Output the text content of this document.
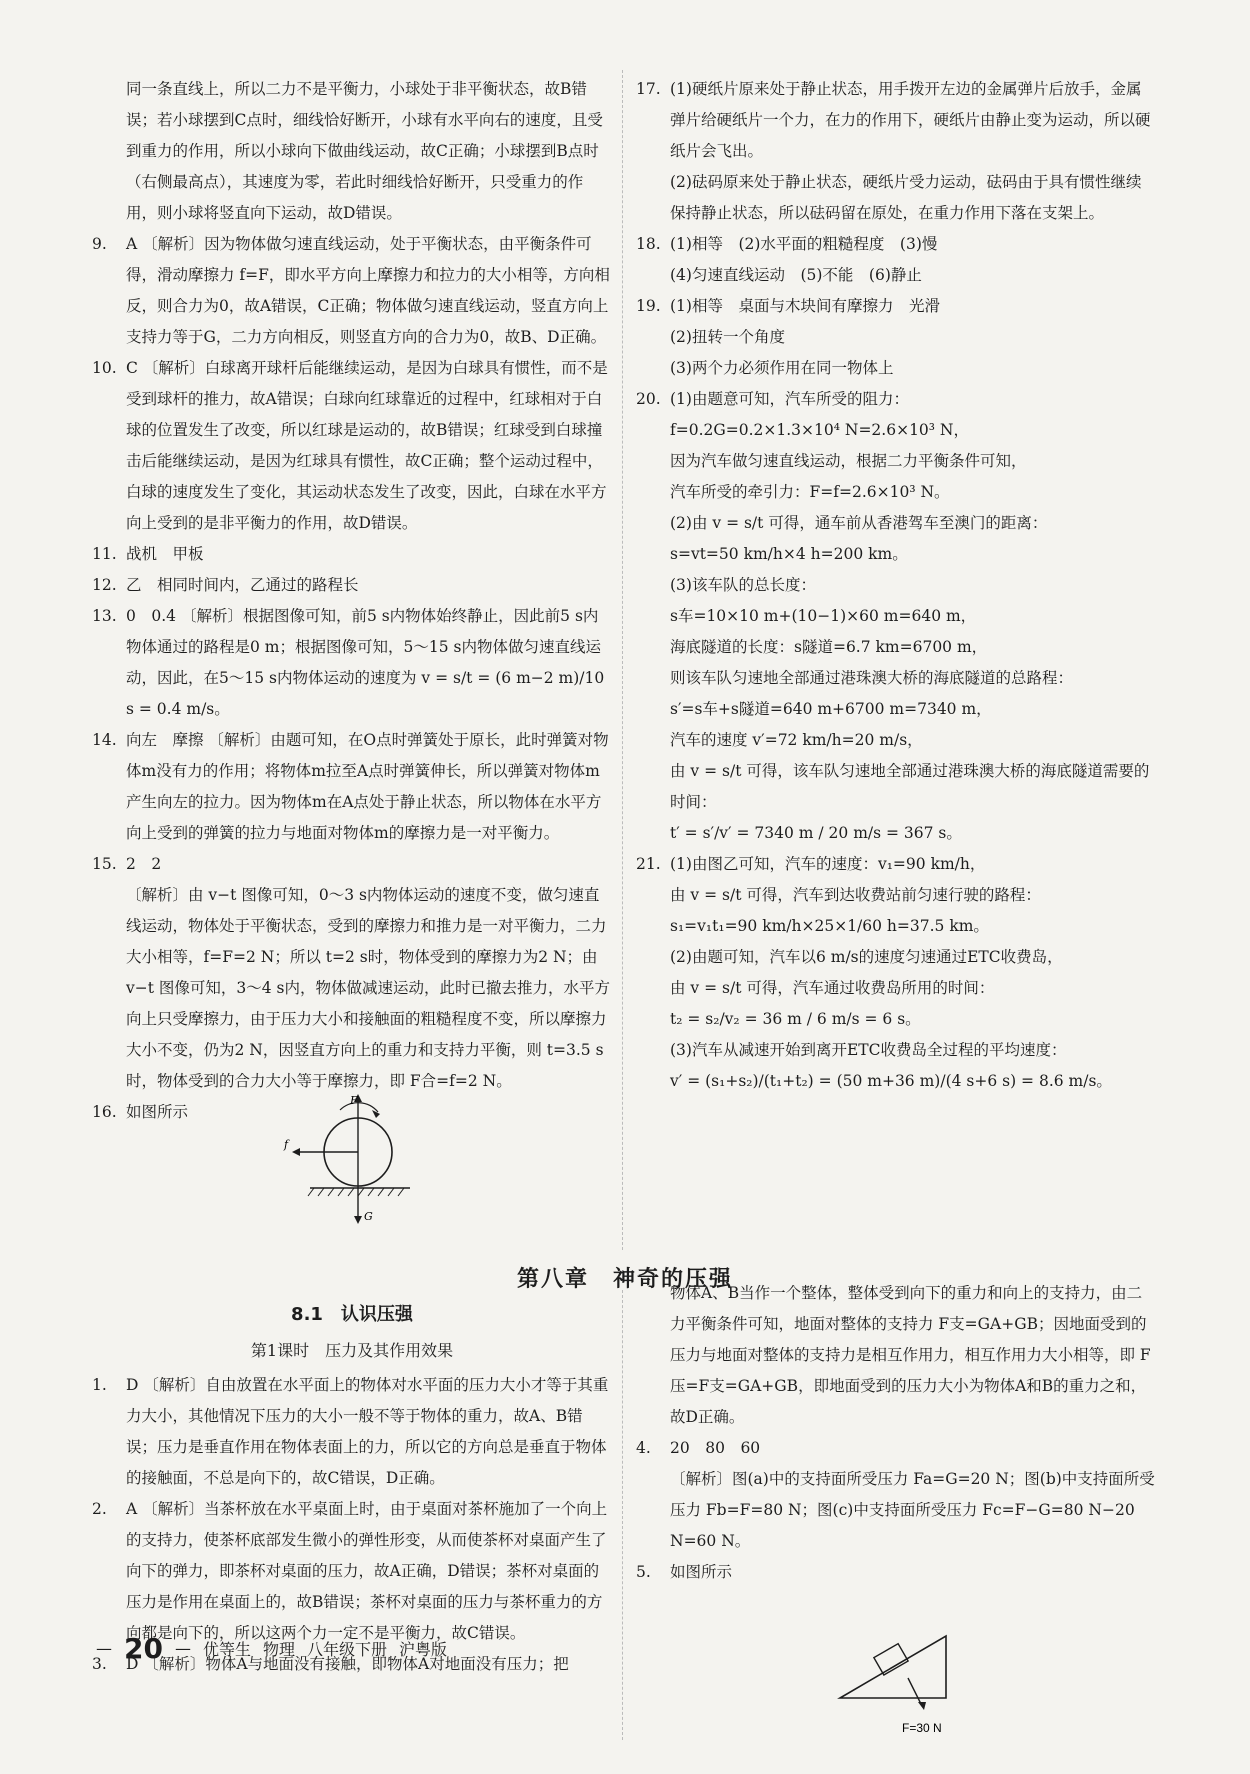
同一条直线上，所以二力不是平衡力，小球处于非平衡状态，故B错误；若小球摆到C点时，细线恰好断开，小球有水平向右的速度，且受到重力的作用，所以小球向下做曲线运动，故C正确；小球摆到B点时（右侧最高点），其速度为零，若此时细线恰好断开，只受重力的作用，则小球将竖直向下运动，故D错误。
9. A 〔解析〕因为物体做匀速直线运动，处于平衡状态，由平衡条件可得，滑动摩擦力 f=F，即水平方向上摩擦力和拉力的大小相等，方向相反，则合力为0，故A错误，C正确；物体做匀速直线运动，竖直方向上支持力等于G，二力方向相反，则竖直方向的合力为0，故B、D正确。
10. C 〔解析〕白球离开球杆后能继续运动，是因为白球具有惯性，而不是受到球杆的推力，故A错误；白球向红球靠近的过程中，红球相对于白球的位置发生了改变，所以红球是运动的，故B错误；红球受到白球撞击后能继续运动，是因为红球具有惯性，故C正确；整个运动过程中，白球的速度发生了变化，其运动状态发生了改变，因此，白球在水平方向上受到的是非平衡力的作用，故D错误。
11. 战机　甲板
12. 乙　相同时间内，乙通过的路程长
13. 0　0.4 〔解析〕根据图像可知，前5 s内物体始终静止，因此前5 s内物体通过的路程是0 m；根据图像可知，5～15 s内物体做匀速直线运动，因此，在5～15 s内物体运动的速度为 v = s/t = (6 m−2 m)/10 s = 0.4 m/s。
14. 向左　摩擦 〔解析〕由题可知，在O点时弹簧处于原长，此时弹簧对物体m没有力的作用；将物体m拉至A点时弹簧伸长，所以弹簧对物体m产生向左的拉力。因为物体m在A点处于静止状态，所以物体在水平方向上受到的弹簧的拉力与地面对物体m的摩擦力是一对平衡力。
15. 2　2
〔解析〕由 v−t 图像可知，0～3 s内物体运动的速度不变，做匀速直线运动，物体处于平衡状态，受到的摩擦力和推力是一对平衡力，二力大小相等，f=F=2 N；所以 t=2 s时，物体受到的摩擦力为2 N；由 v−t 图像可知，3～4 s内，物体做减速运动，此时已撤去推力，水平方向上只受摩擦力，由于压力大小和接触面的粗糙程度不变，所以摩擦力大小不变，仍为2 N，因竖直方向上的重力和支持力平衡，则 t=3.5 s时，物体受到的合力大小等于摩擦力，即 F合=f=2 N。
16. 如图所示
17. (1)硬纸片原来处于静止状态，用手拨开左边的金属弹片后放手，金属弹片给硬纸片一个力，在力的作用下，硬纸片由静止变为运动，所以硬纸片会飞出。
(2)砝码原来处于静止状态，硬纸片受力运动，砝码由于具有惯性继续保持静止状态，所以砝码留在原处，在重力作用下落在支架上。
18. (1)相等　(2)水平面的粗糙程度　(3)慢
(4)匀速直线运动　(5)不能　(6)静止
19. (1)相等　桌面与木块间有摩擦力　光滑
(2)扭转一个角度
(3)两个力必须作用在同一物体上
20. (1)由题意可知，汽车所受的阻力：
f=0.2G=0.2×1.3×10⁴ N=2.6×10³ N，
因为汽车做匀速直线运动，根据二力平衡条件可知，
汽车所受的牵引力：F=f=2.6×10³ N。
(2)由 v = s/t 可得，通车前从香港驾车至澳门的距离：
s=vt=50 km/h×4 h=200 km。
(3)该车队的总长度：
s车=10×10 m+(10−1)×60 m=640 m，
海底隧道的长度：s隧道=6.7 km=6700 m，
则该车队匀速地全部通过港珠澳大桥的海底隧道的总路程：
s′=s车+s隧道=640 m+6700 m=7340 m，
汽车的速度 v′=72 km/h=20 m/s，
由 v = s/t 可得，该车队匀速地全部通过港珠澳大桥的海底隧道需要的时间：
t′ = s′/v′ = 7340 m / 20 m/s = 367 s。
21. (1)由图乙可知，汽车的速度：v₁=90 km/h，
由 v = s/t 可得，汽车到达收费站前匀速行驶的路程：
s₁=v₁t₁=90 km/h×25×1/60 h=37.5 km。
(2)由题可知，汽车以6 m/s的速度匀速通过ETC收费岛，
由 v = s/t 可得，汽车通过收费岛所用的时间：
t₂ = s₂/v₂ = 36 m / 6 m/s = 6 s。
(3)汽车从减速开始到离开ETC收费岛全过程的平均速度：
v′ = (s₁+s₂)/(t₁+t₂) = (50 m+36 m)/(4 s+6 s) = 8.6 m/s。
F
f
G
第八章　神奇的压强
8.1　认识压强
第1课时　压力及其作用效果
1. D 〔解析〕自由放置在水平面上的物体对水平面的压力大小才等于其重力大小，其他情况下压力的大小一般不等于物体的重力，故A、B错误；压力是垂直作用在物体表面上的力，所以它的方向总是垂直于物体的接触面，不总是向下的，故C错误，D正确。
2. A 〔解析〕当茶杯放在水平桌面上时，由于桌面对茶杯施加了一个向上的支持力，使茶杯底部发生微小的弹性形变，从而使茶杯对桌面产生了向下的弹力，即茶杯对桌面的压力，故A正确，D错误；茶杯对桌面的压力是作用在桌面上的，故B错误；茶杯对桌面的压力与茶杯重力的方向都是向下的，所以这两个力一定不是平衡力，故C错误。
3. D 〔解析〕物体A与地面没有接触，即物体A对地面没有压力；把
物体A、B当作一个整体，整体受到向下的重力和向上的支持力，由二力平衡条件可知，地面对整体的支持力 F支=GA+GB；因地面受到的压力与地面对整体的支持力是相互作用力，相互作用力大小相等，即 F压=F支=GA+GB，即地面受到的压力大小为物体A和B的重力之和，故D正确。
4. 20　80　60
〔解析〕图(a)中的支持面所受压力 Fa=G=20 N；图(b)中支持面所受压力 Fb=F=80 N；图(c)中支持面所受压力 Fc=F−G=80 N−20 N=60 N。
5. 如图所示
F=30 N
— 20 — 优等生 物理 八年级下册 沪粤版
